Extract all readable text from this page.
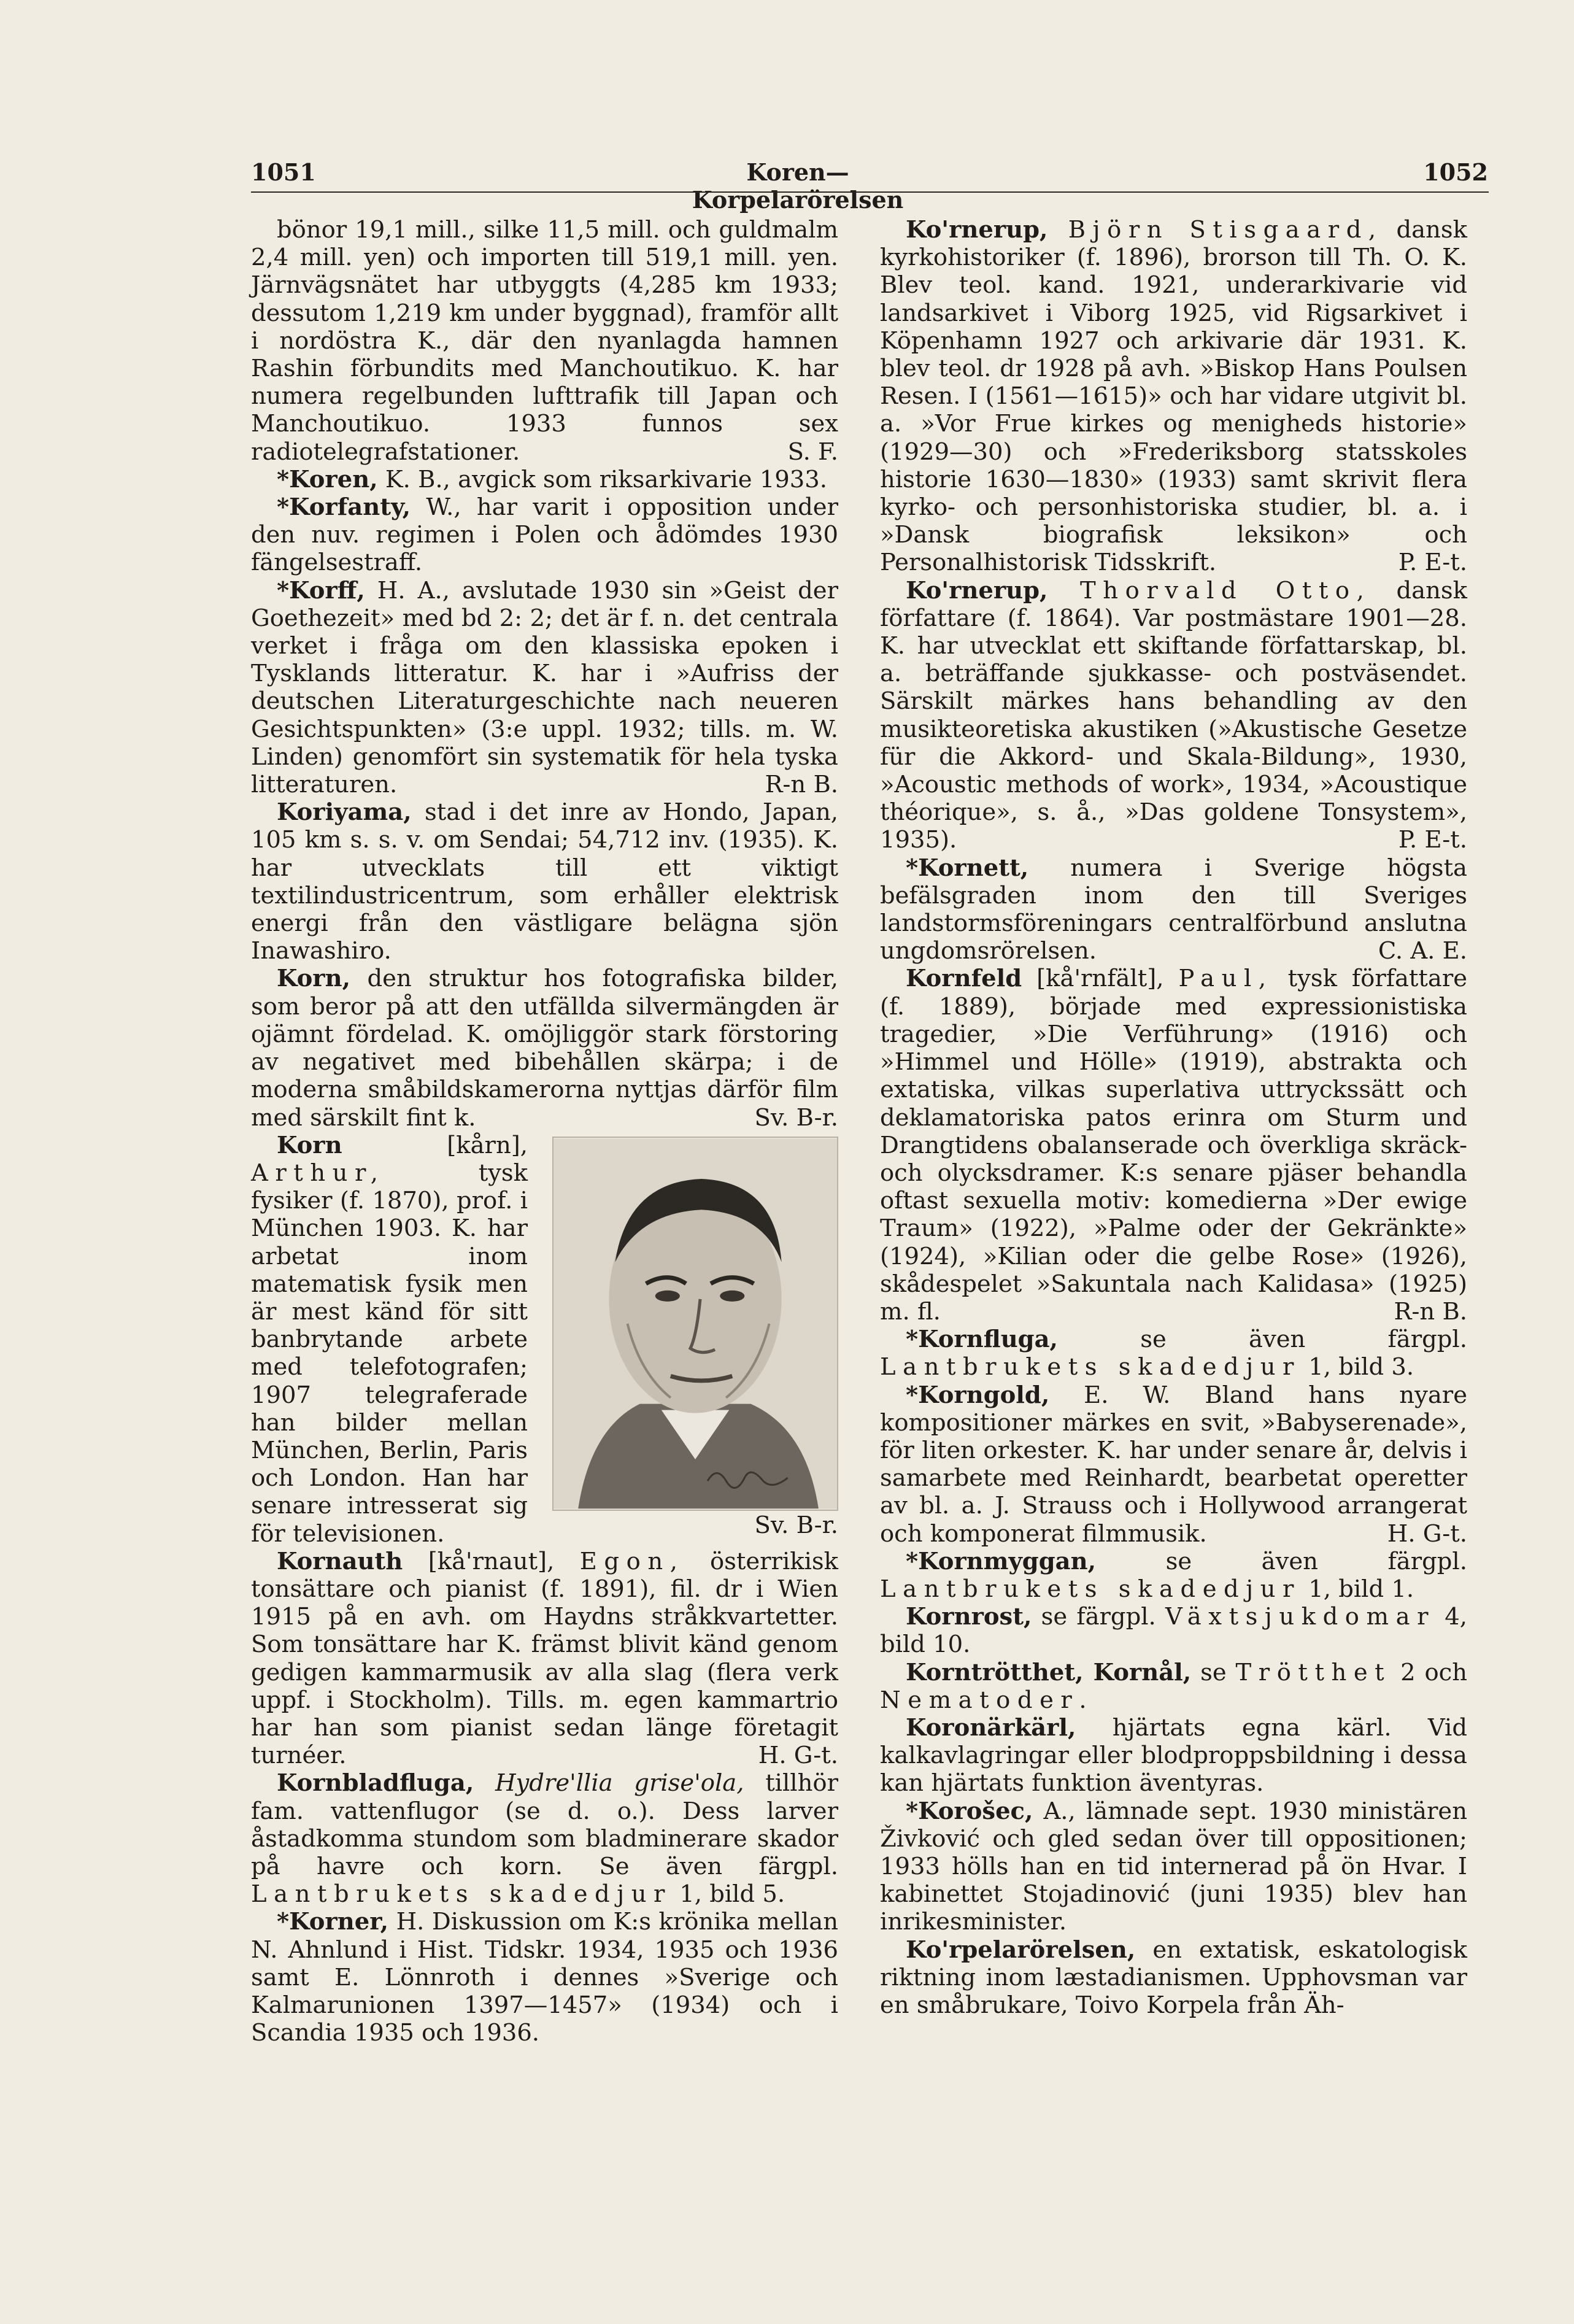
1051	Koren—Korpelarörelsen
1052

bönor 19,1 mill., silke 11,5 mill. och guldmalm 2,4 mill. yen) och importen till 519,1 mill. yen. Järnvägsnätet har utbyggts (4,285 km 1933; dessutom 1,219 km under byggnad), framför allt i nordöstra K., där den nyanlagda hamnen Rashin förbundits med Manchoutikuo. K. har numera regelbunden lufttrafik till Japan och Manchoutikuo. 1933 funnos sex radiotelegrafstationer.	S. F.

*Koren, K. B., avgick som riksarkivarie 1933.

*Korfanty, W., har varit i opposition under den nuv. regimen i Polen och ådömdes 1930 fängelsestraff.

*Korff, H. A., avslutade 1930 sin »Geist der Goethezeit» med bd 2: 2; det är f. n. det centrala verket i fråga om den klassiska epoken i Tysklands litteratur. K. har i »Aufriss der deutschen Literaturgeschichte nach neueren Gesichtspunkten» (3:e uppl. 1932; tills. m. W. Linden) genomfört sin systematik för hela tyska litteraturen.	R-n B.

Koriyama, stad i det inre av Hondo, Japan, 105 km s. s. v. om Sendai; 54,712 inv. (1935). K. har utvecklats till ett viktigt textilindustricentrum, som erhåller elektrisk energi från den västligare belägna sjön Inawashiro.

Korn, den struktur hos fotografiska bilder, som beror på att den utfällda silvermängden är ojämnt fördelad. K. omöjliggör stark förstoring av negativet med bibehållen skärpa; i de moderna småbildskamerorna nyttjas därför film med särskilt fint k.	Sv. B-r.

Sv. B-r.
Korn [kårn], Arthur, tysk fysiker (f. 1870), prof. i München 1903. K. har arbetat inom matematisk fysik men är mest känd för sitt banbrytande arbete med telefotografen; 1907 telegraferade han bilder mellan München, Berlin, Paris och London. Han har senare intresserat sig för televisionen.

Kornauth [kå'rnaut], Egon, österrikisk tonsättare och pianist (f. 1891), fil. dr i Wien 1915 på en avh. om Haydns stråkkvartetter. Som tonsättare har K. främst blivit känd genom gedigen kammarmusik av alla slag (flera verk uppf. i Stockholm). Tills. m. egen kammartrio har han som pianist sedan länge företagit turnéer.	H. G-t.

Kornbladfluga, Hydre'llia grise'ola, tillhör fam. vattenflugor (se d. o.). Dess larver åstadkomma stundom som bladminerare skador på havre och korn. Se även färgpl. Lantbrukets skadedjur 1, bild 5.

*Korner, H. Diskussion om K:s krönika mellan N. Ahnlund i Hist. Tidskr. 1934, 1935 och 1936 samt E. Lönnroth i dennes »Sverige och Kalmarunionen 1397—1457» (1934) och i Scandia 1935 och 1936.

Ko'rnerup, Björn Stisgaard, dansk kyrkohistoriker (f. 1896), brorson till Th. O. K. Blev teol. kand. 1921, underarkivarie vid landsarkivet i Viborg 1925, vid Rigsarkivet i Köpenhamn 1927 och arkivarie där 1931. K. blev teol. dr 1928 på avh. »Biskop Hans Poulsen Resen. I (1561—1615)» och har vidare utgivit bl. a. »Vor Frue kirkes og menigheds historie» (1929—30) och »Frederiksborg statsskoles historie 1630—1830» (1933) samt skrivit flera kyrko- och personhistoriska studier, bl. a. i »Dansk biografisk leksikon» och Personalhistorisk Tidsskrift.	P. E-t.

Ko'rnerup, Thorvald Otto, dansk författare (f. 1864). Var postmästare 1901—28. K. har utvecklat ett skiftande författarskap, bl. a. beträffande sjukkasse- och postväsendet. Särskilt märkes hans behandling av den musikteoretiska akustiken (»Akustische Gesetze für die Akkord- und Skala-Bildung», 1930, »Acoustic methods of work», 1934, »Acoustique théorique», s. å., »Das goldene Tonsystem», 1935).	P. E-t.

*Kornett, numera i Sverige högsta befälsgraden inom den till Sveriges landstormsföreningars centralförbund anslutna ungdomsrörelsen.	C. A. E.

Kornfeld [kå'rnfält], Paul, tysk författare (f. 1889), började med expressionistiska tragedier, »Die Verführung» (1916) och »Himmel und Hölle» (1919), abstrakta och extatiska, vilkas superlativa uttryckssätt och deklamatoriska patos erinra om Sturm und Drangtidens obalanserade och överkliga skräck- och olycksdramer. K:s senare pjäser behandla oftast sexuella motiv: komedierna »Der ewige Traum» (1922), »Palme oder der Gekränkte» (1924), »Kilian oder die gelbe Rose» (1926), skådespelet »Sakuntala nach Kalidasa» (1925) m. fl.	R-n B.

*Kornfluga, se även färgpl. Lantbrukets skadedjur 1, bild 3.

*Korngold, E. W. Bland hans nyare kompositioner märkes en svit, »Babyserenade», för liten orkester. K. har under senare år, delvis i samarbete med Reinhardt, bearbetat operetter av bl. a. J. Strauss och i Hollywood arrangerat och komponerat filmmusik.	H. G-t.

*Kornmyggan, se även färgpl. Lantbrukets skadedjur 1, bild 1.

Kornrost, se färgpl. Växtsjukdomar 4, bild 10.

Korntrötthet, Kornål, se Trötthet 2 och Nematoder.

Koronärkärl, hjärtats egna kärl. Vid kalkavlagringar eller blodproppsbildning i dessa kan hjärtats funktion äventyras.

*Korošec, A., lämnade sept. 1930 ministären Živković och gled sedan över till oppositionen; 1933 hölls han en tid internerad på ön Hvar. I kabinettet Stojadinović (juni 1935) blev han inrikesminister.

Ko'rpelarörelsen, en extatisk, eskatologisk riktning inom læstadianismen. Upphovsman var en småbrukare, Toivo Korpela från Äh-
